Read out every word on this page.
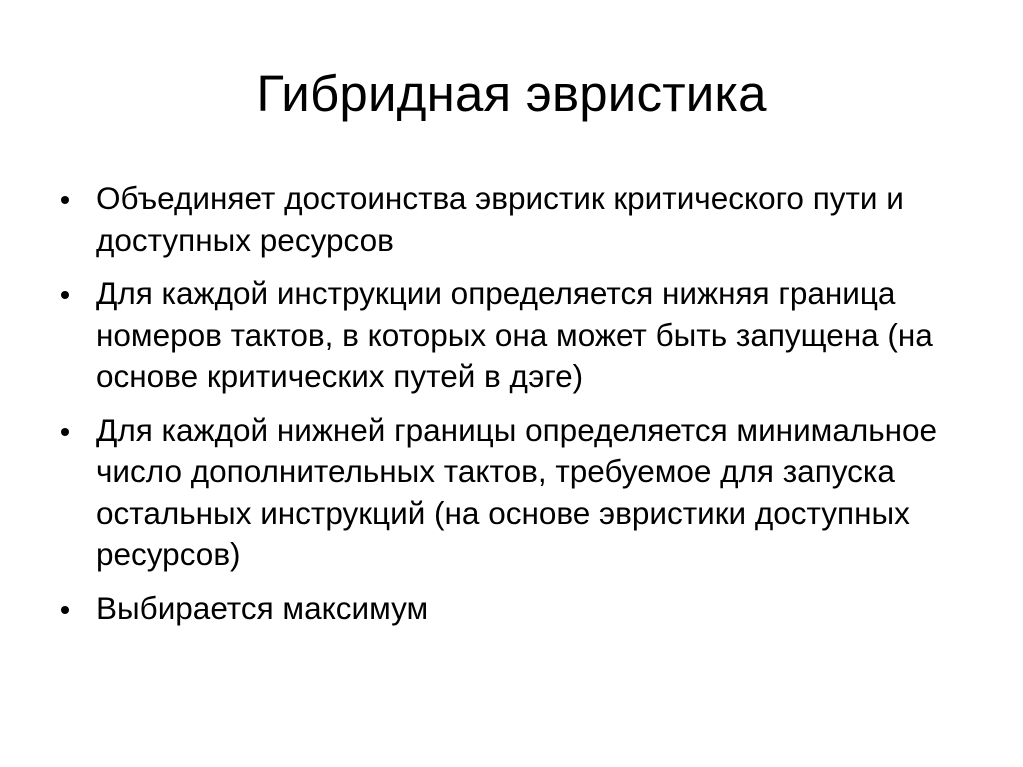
Гибридная эвристика
Объединяет достоинства эвристик критического пути и доступных ресурсов
Для каждой инструкции определяется нижняя граница номеров тактов, в которых она может быть запущена (на основе критических путей в дэге)
Для каждой нижней границы определяется минимальное число дополнительных тактов, требуемое для запуска остальных инструкций (на основе эвристики доступных ресурсов)
Выбирается максимум
